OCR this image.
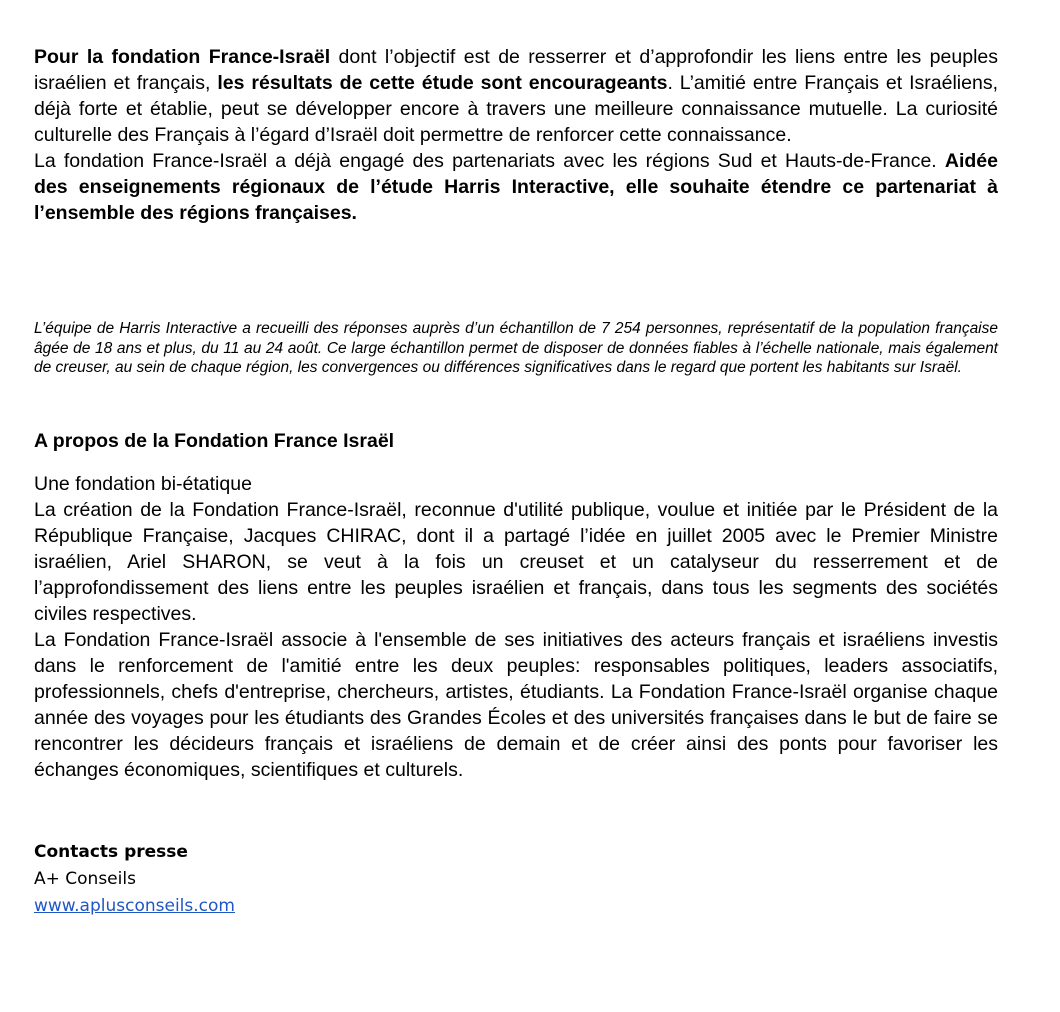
Pour la fondation France-Israël dont l’objectif est de resserrer et d’approfondir les liens entre les peuples israélien et français, les résultats de cette étude sont encourageants. L’amitié entre Français et Israéliens, déjà forte et établie, peut se développer encore à travers une meilleure connaissance mutuelle. La curiosité culturelle des Français à l’égard d’Israël doit permettre de renforcer cette connaissance.

La fondation France-Israël a déjà engagé des partenariats avec les régions Sud et Hauts-de-France. Aidée des enseignements régionaux de l’étude Harris Interactive, elle souhaite étendre ce partenariat à l’ensemble des régions françaises.

L’équipe de Harris Interactive a recueilli des réponses auprès d’un échantillon de 7 254 personnes, représentatif de la population française âgée de 18 ans et plus, du 11 au 24 août. Ce large échantillon permet de disposer de données fiables à l’échelle nationale, mais également de creuser, au sein de chaque région, les convergences ou différences significatives dans le regard que portent les habitants sur Israël.

A propos de la Fondation France Israël

Une fondation bi-étatique

La création de la Fondation France-Israël, reconnue d'utilité publique, voulue et initiée par le Président de la République Française, Jacques CHIRAC, dont il a partagé l’idée en juillet 2005 avec le Premier Ministre israélien, Ariel SHARON, se veut à la fois un creuset et un catalyseur du resserrement et de l’approfondissement des liens entre les peuples israélien et français, dans tous les segments des sociétés civiles respectives.

La Fondation France-Israël associe à l'ensemble de ses initiatives des acteurs français et israéliens investis dans le renforcement de l'amitié entre les deux peuples: responsables politiques, leaders associatifs, professionnels, chefs d'entreprise, chercheurs, artistes, étudiants. La Fondation France-Israël organise chaque année des voyages pour les étudiants des Grandes Écoles et des universités françaises dans le but de faire se rencontrer les décideurs français et israéliens de demain et de créer ainsi des ponts pour favoriser les échanges économiques, scientifiques et culturels.

Contacts presse
A+ Conseils
www.aplusconseils.com
